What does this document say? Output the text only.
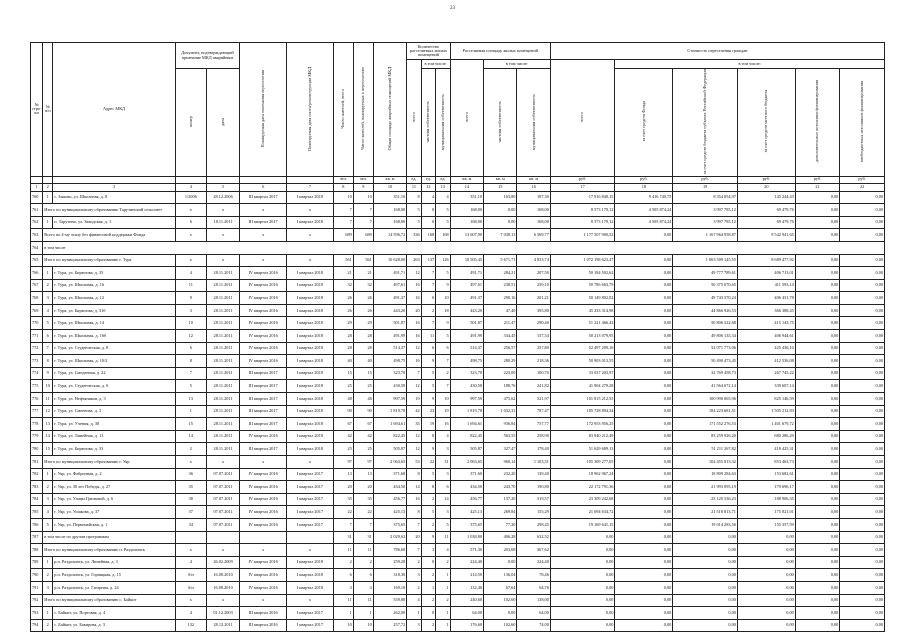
23
№ стро-ки	№ п/п	Адрес МКД	Документ, подтверждающий признание МКД аварийным		Планируемая дата окончания переселения	Планируемая дата сноса/реконструкции МКД	Число жителей, всего	Число жителей, планируемых к переселению	Общая площадь аварийных помещений МКД	Количество расселяемых жилых помещений			Расселяемая площадь жилых помещений			Стоимость переселения граждан					
										всего	в том числе:		всего	в том числе:		всего	в том числе:				
			номер	дата							частная собственность	муниципальная собственность		частная собственность	муниципальная собственность		за счет средств Фонда	за счет средств бюджета субъекта Российской Федерации	за счет средств местного бюджета	дополнительные источники финансирования	внебюджетных источников финансирования
							чел.	чел.	кв. м	ед.	ед.	ед.	кв. м	кв. м	кв. м	руб.	руб.	руб.	руб.	руб.	руб.
1	2	3	4	5	6	7	8	9	10	11	12	13	14	15	16	17	18	19	20	21	22
760	1	с. Зыково, ул. Школьная, д. 8	1/2006	28.12.2006	III квартал 2017	I квартал 2018	10	10	351,10	8	4	4	351,10	163,80	187,30	17 916 840,15	9 416 740,75	8 354 854,97	145 244,43	0,00	0,00
761	Итого по муниципальному образованию Тарутинский сельсовет		x	x	x	x	7	7	168,00	5	0	5	168,00	0,00	168,00	8 573 179,12	4 505 874,24	3 997 785,12	69 479,76	0,00	0,00
762	1	п. Тарутино, ул. Заводская, д. 1	6	18.11.2011	III квартал 2017	I квартал 2018	7	7	168,00	5	0	5	168,00	0,00	168,00	8 573 179,12	4 505 874,24	3 997 785,12	69 479,76	0,00	0,00
763	Всего по 4-му этапу без финансовой поддержки Фонда		x	x	x	x	689	689	14 596,72	336	168	168	13 607,90	7 038,13	6 569,77	1 177 507 900,52	0,00	1 167 964 958,87	9 542 941,65	0,00	0,00
764	в том числе																				
765	Итого по муниципальному образованию г. Тура		x	x	x	x	561	561	10 628,00	263	137	126	10 505,45	5 671,71	4 833,74	1 072 198 623,47	0,00	1 063 509 145,55	8 689 477,92	0,00	0,00
766	1	г. Тура, ул. Бирюзова, д. 35	4	28.11.2011	IV квартал 2016	I квартал 2018	21	21	491,71	12	7	5	491,71	284,21	207,50	50 184 502,62	0,00	49 777 789,61	406 713,01	0,00	0,00
767	2	г. Тура, ул. Школьная, д. 16	11	28.11.2011	IV квартал 2016	I квартал 2018	32	32	497,61	16	7	9	497,61	238,51	259,10	50 786 663,79	0,00	50 375 070,65	411 593,14	0,00	0,00
768	3	г. Тура, ул. Школьная, д. 12	9	28.11.2011	IV квартал 2016	I квартал 2018	26	26	491,37	16	6	10	491,37	290,16	201,21	50 149 802,02	0,00	49 743 370,24	406 431,78	0,00	0,00
769	4	г. Тура, ул. Бирюзова, д. 31б	3	28.11.2011	IV квартал 2016	I квартал 2018	26	26	443,20	20	2	18	443,20	47,40	395,80	45 233 314,98	0,00	44 866 926,53	366 388,45	0,00	0,00
770	5	г. Тура, ул. Школьная, д. 14	10	28.11.2011	IV квартал 2016	I квартал 2018	29	29	501,87	16	7	9	501,87	211,47	290,40	51 221 466,43	0,00	50 806 322,68	415 143,75	0,00	0,00
771	6	г. Тура, ул. Школьная, д. 16б	12	28.11.2011	IV квартал 2016	I квартал 2018	28	28	491,99	16	11	5	491,99	334,45	157,54	50 213 079,95	0,00	49 806 135,34	406 944,61	0,00	0,00
772	7	г. Тура, ул. Студенческая, д. 8	6	28.11.2011	IV квартал 2016	I квартал 2018	28	28	514,37	12	6	6	514,37	256,57	257,80	52 497 209,16	0,00	52 071 773,06	425 436,10	0,00	0,00
773	8	г. Тура, ул. Школьная, д. 10/2	8	28.11.2011	IV квартал 2016	I квартал 2018	40	40	498,75	16	9	7	498,75	280,29	218,36	50 903 013,55	0,00	50 490 473,45	412 536,08	0,00	0,00
774	9	г. Тура, ул. Смеденная, д. 22	7	28.11.2011	III квартал 2017	I квартал 2018	15	15	323,70	7	5	2	323,70	223,00	100,70	33 037 203,97	0,00	32 769 458,73	267 745,22	0,00	0,00
775	10	г. Тура, ул. Студенческая, д. 6	5	28.11.2011	III квартал 2017	I квартал 2018	25	25	430,58	12	5	7	430,58	188,76	241,82	41 904 279,28	0,00	41 564 672,14	339 607,14	0,00	0,00
776	11	г. Тура, ул. Нефтяников, д. 3	13	28.11.2011	III квартал 2017	I квартал 2018	48	48	997,59	19	9	10	997,59	475,62	521,97	101 815 212,55	0,00	100 990 065,96	825 146,59	0,00	0,00
777	12	г. Тура, ул. Смеенова, д. 3	1	28.11.2011	III квартал 2017	I квартал 2018	90	90	1 819,78	42	23	19	1 819,78	1 032,31	787,47	185 728 894,34	0,00	184 223 681,51	1 505 212,83	0,00	0,00
778	13	г. Тура, ул. Учения, д. 38	15	28.11.2011	III квартал 2017	I квартал 2018	67	67	1 694,61	35	19	16	1 694,61	936,84	757,77	172 953 956,25	0,00	171 552 276,53	1 401 679,72	0,00	0,00
779	14	г. Тура, ул. Линейная, д. 13	14	28.11.2011	IV квартал 2016	I квартал 2018	42	42	822,45	12	8	4	822,45	563,55	258,90	83 940 212,49	0,00	83 259 926,20	680 286,29	0,00	0,00
780	15	г. Тура, ул. Бирюзова, д. 33	2	28.11.2011	III квартал 2017	I квартал 2018	25	25	505,87	12	9	3	505,87	327,47	178,40	51 629 689,13	0,00	51 211 267,82	418 425,31	0,00	0,00
781	Итого по муниципальному образованию г. Уяр		x	x	x	x	97	97	2 063,65	53	22	31	2 063,65	960,14	1 103,51	105 309 277,05	0,00	104 455 813,32	853 463,73	0,00	0,00
782	1	г. Уяр, ул. Фабричная, д. 2	36	07.07.2011	IV квартал 2016	I квартал 2017	13	13	371,60	8	5	3	371,60	232,20	139,40	18 962 967,24	0,00	18 809 284,63	153 682,61	0,00	0,00
783	2	г. Уяр, ул. 30 лет Победы, д. 27	35	07.07.2011	IV квартал 2016	I квартал 2017	20	20	434,50	14	8	6	434,50	243,70	190,80	22 172 791,36	0,00	21 993 095,19	179 696,17	0,00	0,00
784	3	г. Уяр, ул. Улицы Грюновой, д. 6	38	07.07.2011	IV квартал 2016	I квартал 2017	35	35	456,77	16	2	14	456,77	137,20	319,57	23 309 242,68	0,00	23 120 336,23	188 906,35	0,00	0,00
785	4	г. Уяр, ул. Ушакова, д. 37	37	07.07.2011	IV квартал 2016	I квартал 2017	22	22	425,13	8	5	3	425,13	269,84	155,29	21 694 634,72	0,00	21 518 813,71	175 821,01	0,00	0,00
786	5	г. Уяр, ул. Первомайская, д. 1	34	07.07.2011	IV квартал 2016	I квартал 2017	7	7	375,65	7	2	5	375,65	77,20	298,45	19 169 641,15	0,00	19 014 283,56	155 357,59	0,00	0,00
787	в том числе по другим программам						31	31	2 029,62	20	9	11	1 038,80	406,28	632,52	0,00	0,00	0,00	0,00	0,00	0,00
788	Итого по муниципальному образованию п. Раздолинск		x	x	x	x	11	11	786,60	7	3	4	571,30	203,68	367,62	0,00	0,00	0,00	0,00	0,00	0,00
789	1	р.п. Раздолинск, ул. Линейная, д. 3	4	26.02.2009	IV квартал 2016	I квартал 2018	2	2	259,20	2	0	2	224,40	0,00	224,40	0,00	0,00	0,00	0,00	0,00	0,00
790	2	р.п. Раздолинск, ул. Горняцкая, д. 15	б/н	16.08.2010	IV квартал 2016	I квартал 2018	6	6	318,30	3	2	1	214,50	136,04	78,46	0,00	0,00	0,00	0,00	0,00	0,00
791	3	р.п. Раздолинск, ул. Гагарина, д. 24	б/н	16.08.2010	IV квартал 2016	I квартал 2018	3	3	169,10	2	1	1	132,40	67,64	64,76	0,00	0,00	0,00	0,00	0,00	0,00
792	Итого по муниципальному образованию с. Байкит		x	x	x	x	11	11	539,80	4	2	2	240,60	102,60	138,00	0,00	0,00	0,00	0,00	0,00	0,00
793	1	с. Байкит, ул. Портовая, д. 4	4	01.12.2003	III квартал 2016	I квартал 2017	1	1	262,00	1	0	1	64,00	0,00	64,00	0,00	0,00	0,00	0,00	0,00	0,00
794	2	с. Байкит, ул. Бакирова, д. 3	132	28.12.2011	III квартал 2016	I квартал 2017	10	10	257,72	3	2	1	176,60	102,60	74,00	0,00	0,00	0,00	0,00	0,00	0,00
